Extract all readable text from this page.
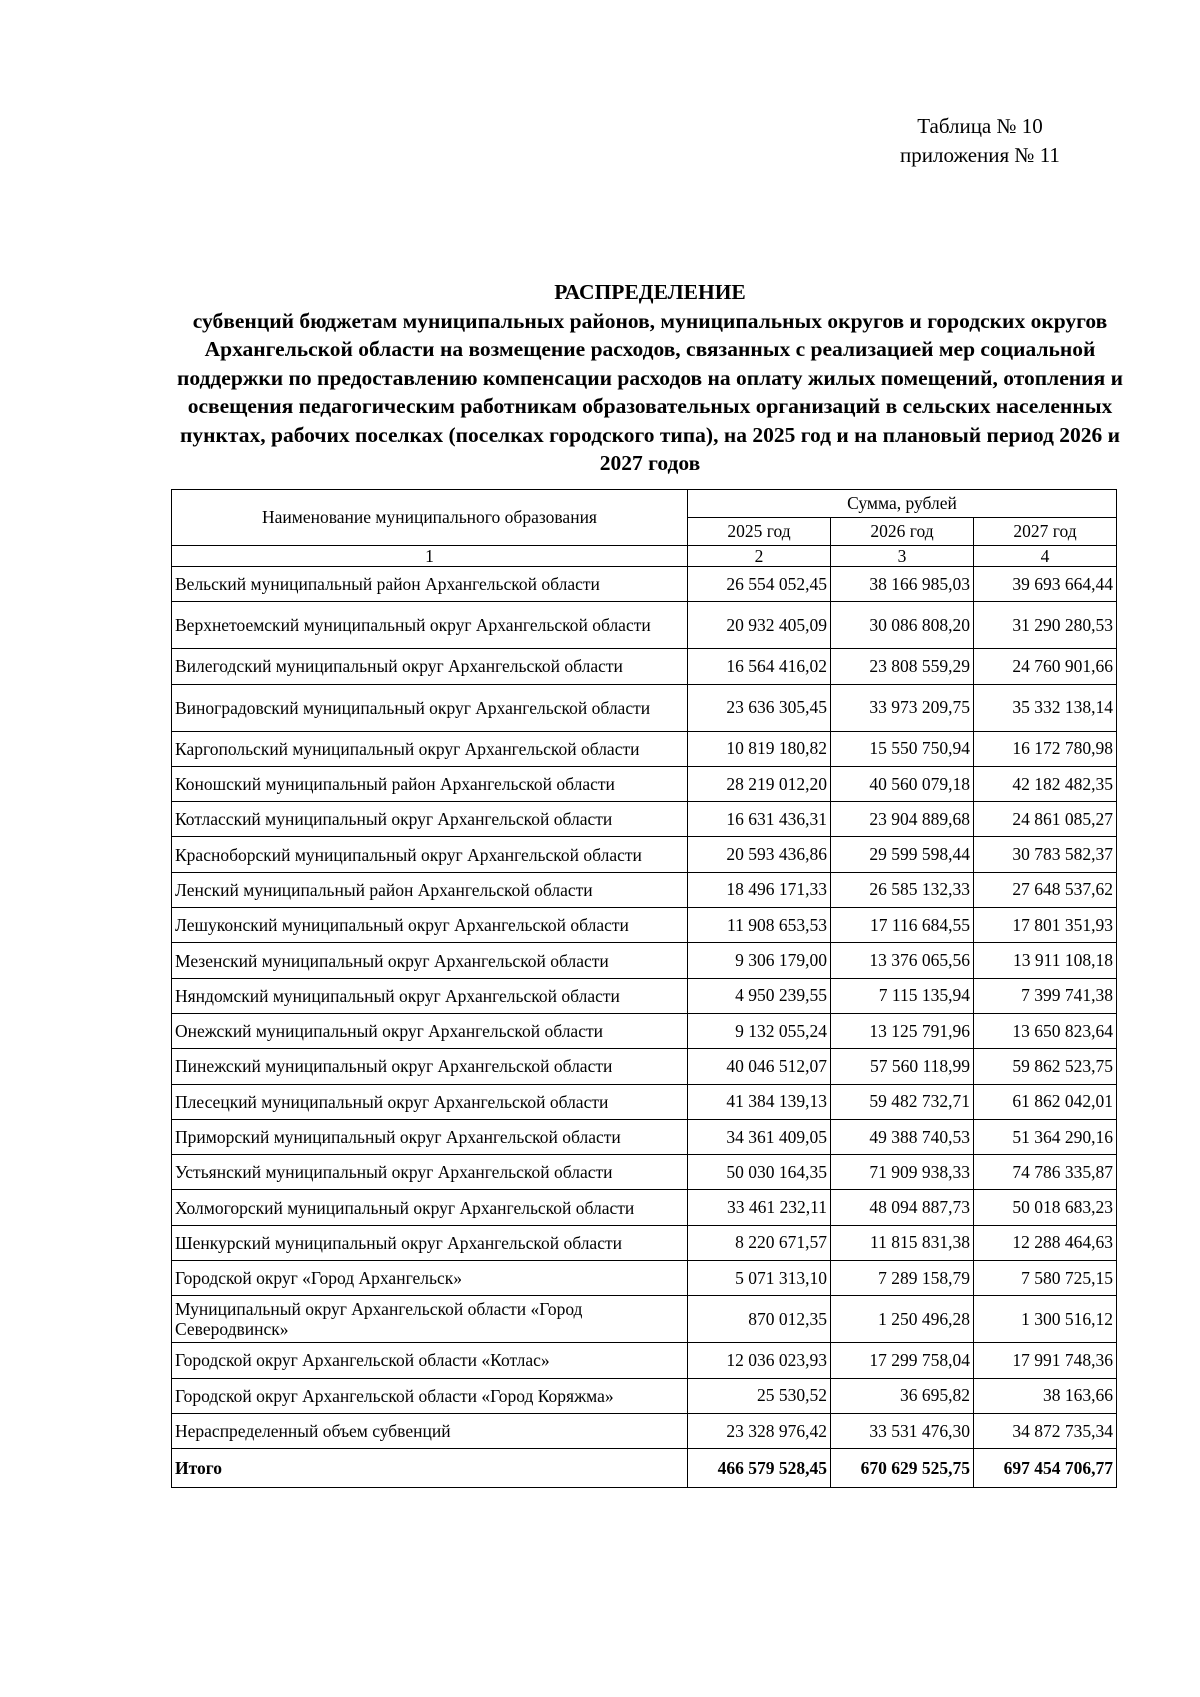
Таблица № 10
приложения № 11
РАСПРЕДЕЛЕНИЕ
субвенций бюджетам муниципальных районов, муниципальных округов и городских округов Архангельской области на возмещение расходов, связанных с реализацией мер социальной поддержки по предоставлению компенсации расходов на оплату жилых помещений, отопления и освещения педагогическим работникам образовательных организаций в сельских населенных пунктах, рабочих поселках (поселках городского типа), на 2025 год и на плановый период 2026 и 2027 годов
Наименование муниципального образования	Сумма, рублей		
	2025 год	2026 год	2027 год
1	2	3	4
Вельский муниципальный район Архангельской области	26 554 052,45	38 166 985,03	39 693 664,44
Верхнетоемский муниципальный округ Архангельской области	20 932 405,09	30 086 808,20	31 290 280,53
Вилегодский муниципальный округ Архангельской области	16 564 416,02	23 808 559,29	24 760 901,66
Виноградовский муниципальный округ Архангельской области	23 636 305,45	33 973 209,75	35 332 138,14
Каргопольский муниципальный округ Архангельской области	10 819 180,82	15 550 750,94	16 172 780,98
Коношский муниципальный район Архангельской области	28 219 012,20	40 560 079,18	42 182 482,35
Котласский муниципальный округ Архангельской области	16 631 436,31	23 904 889,68	24 861 085,27
Красноборский муниципальный округ Архангельской области	20 593 436,86	29 599 598,44	30 783 582,37
Ленский муниципальный район Архангельской области	18 496 171,33	26 585 132,33	27 648 537,62
Лешуконский муниципальный округ Архангельской области	11 908 653,53	17 116 684,55	17 801 351,93
Мезенский муниципальный округ Архангельской области	9 306 179,00	13 376 065,56	13 911 108,18
Няндомский муниципальный округ Архангельской области	4 950 239,55	7 115 135,94	7 399 741,38
Онежский муниципальный округ Архангельской области	9 132 055,24	13 125 791,96	13 650 823,64
Пинежский муниципальный округ Архангельской области	40 046 512,07	57 560 118,99	59 862 523,75
Плесецкий муниципальный округ Архангельской области	41 384 139,13	59 482 732,71	61 862 042,01
Приморский муниципальный округ Архангельской области	34 361 409,05	49 388 740,53	51 364 290,16
Устьянский муниципальный округ Архангельской области	50 030 164,35	71 909 938,33	74 786 335,87
Холмогорский муниципальный округ Архангельской области	33 461 232,11	48 094 887,73	50 018 683,23
Шенкурский муниципальный округ Архангельской области	8 220 671,57	11 815 831,38	12 288 464,63
Городской округ «Город Архангельск»	5 071 313,10	7 289 158,79	7 580 725,15
Муниципальный округ Архангельской области «Город Северодвинск»	870 012,35	1 250 496,28	1 300 516,12
Городской округ Архангельской области «Котлас»	12 036 023,93	17 299 758,04	17 991 748,36
Городской округ Архангельской области «Город Коряжма»	25 530,52	36 695,82	38 163,66
Нераспределенный объем субвенций	23 328 976,42	33 531 476,30	34 872 735,34
Итого	466 579 528,45	670 629 525,75	697 454 706,77
